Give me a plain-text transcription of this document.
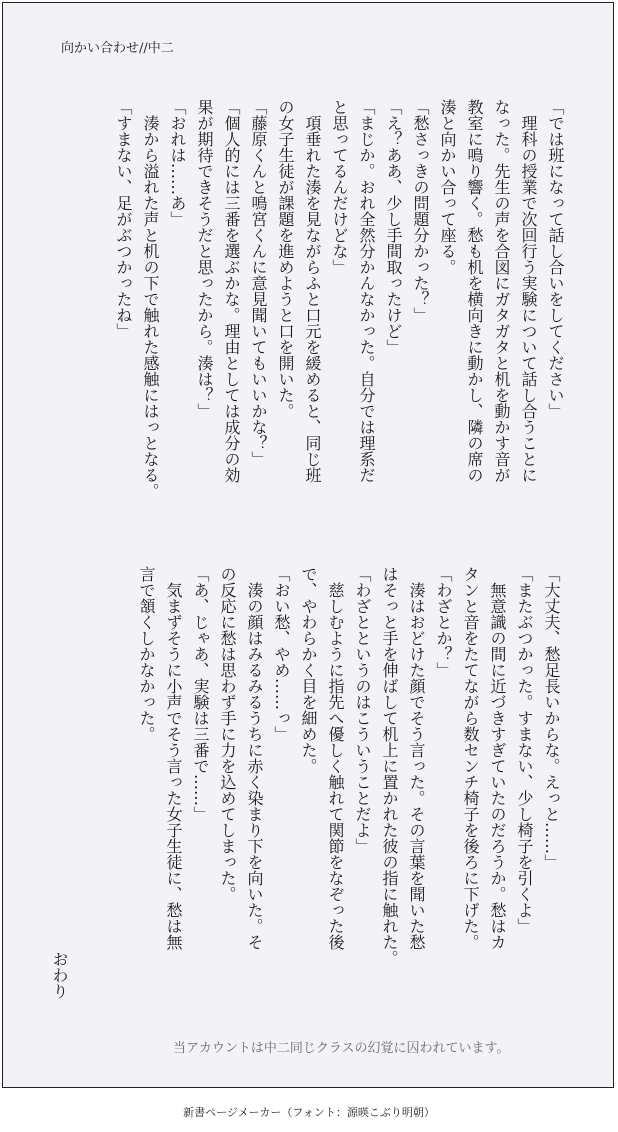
向かい合わせ//中二

「では班になって話し合いをしてください」

　理科の授業で次回行う実験について話し合うことに

なった。先生の声を合図にガタガタと机を動かす音が

教室に鳴り響く。愁も机を横向きに動かし、隣の席の

湊と向かい合って座る。

「愁さっきの問題分かった？」

「え？ああ、少し手間取ったけど」

「まじか。おれ全然分かんなかった。自分では理系だ

と思ってるんだけどな」

　項垂れた湊を見ながらふと口元を緩めると、同じ班

の女子生徒が課題を進めようと口を開いた。

「藤原くんと鳴宮くんに意見聞いてもいいかな？」

「個人的には三番を選ぶかな。理由としては成分の効

果が期待できそうだと思ったから。湊は？」

「おれは……あ」

　湊から溢れた声と机の下で触れた感触にはっとなる。

「すまない、足がぶつかったね」

「大丈夫、愁足長いからな。えっと……」

「またぶつかった。すまない、少し椅子を引くよ」

　無意識の間に近づきすぎていたのだろうか。愁はカ

タンと音をたてながら数センチ椅子を後ろに下げた。

「わざとか？」

　湊はおどけた顔でそう言った。その言葉を聞いた愁

はそっと手を伸ばして机上に置かれた彼の指に触れた。

「わざとというのはこういうことだよ」

　慈しむように指先へ優しく触れて関節をなぞった後

で、やわらかく目を細めた。

「おい愁、やめ……っ」

　湊の顔はみるみるうちに赤く染まり下を向いた。そ

の反応に愁は思わず手に力を込めてしまった。

「あ、じゃあ、実験は三番で……」

　気まずそうに小声でそう言った女子生徒に、愁は無

言で頷くしかなかった。

おわり
当アカウントは中二同じクラスの幻覚に囚われています。
新書ページメーカー（フォント：源暎こぶり明朝）
